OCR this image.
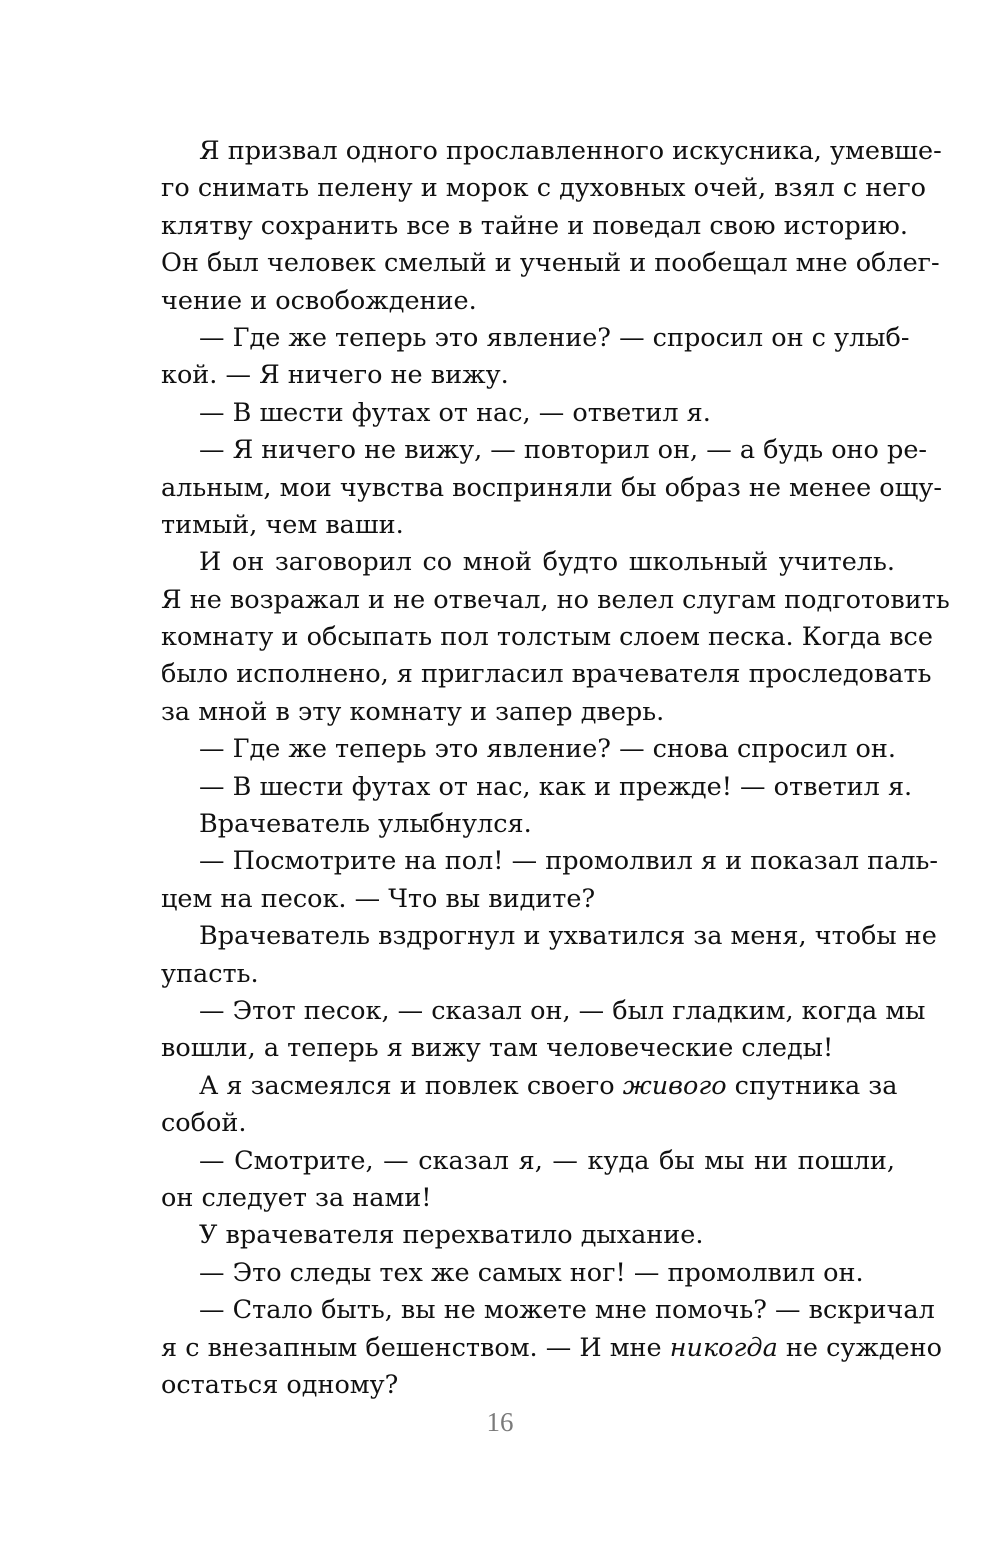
Я призвал одного прославленного искусника, умевше-
го снимать пелену и морок с духовных очей, взял с него
клятву сохранить все в тайне и поведал свою историю.
Он был человек смелый и ученый и пообещал мне облег-
чение и освобождение.
— Где же теперь это явление? — спросил он с улыб-
кой. — Я ничего не вижу.
— В шести футах от нас, — ответил я.
— Я ничего не вижу, — повторил он, — а будь оно ре-
альным, мои чувства восприняли бы образ не менее ощу-
тимый, чем ваши.
И он заговорил со мной будто школьный учитель.
Я не возражал и не отвечал, но велел слугам подготовить
комнату и обсыпать пол толстым слоем песка. Когда все
было исполнено, я пригласил врачевателя проследовать
за мной в эту комнату и запер дверь.
— Где же теперь это явление? — снова спросил он.
— В шести футах от нас, как и прежде! — ответил я.
Врачеватель улыбнулся.
— Посмотрите на пол! — промолвил я и показал паль-
цем на песок. — Что вы видите?
Врачеватель вздрогнул и ухватился за меня, чтобы не
упасть.
— Этот песок, — сказал он, — был гладким, когда мы
вошли, а теперь я вижу там человеческие следы!
А я засмеялся и повлек своего живого спутника за
собой.
— Смотрите, — сказал я, — куда бы мы ни пошли,
он следует за нами!
У врачевателя перехватило дыхание.
— Это следы тех же самых ног! — промолвил он.
— Стало быть, вы не можете мне помочь? — вскричал
я с внезапным бешенством. — И мне никогда не суждено
остаться одному?
16
